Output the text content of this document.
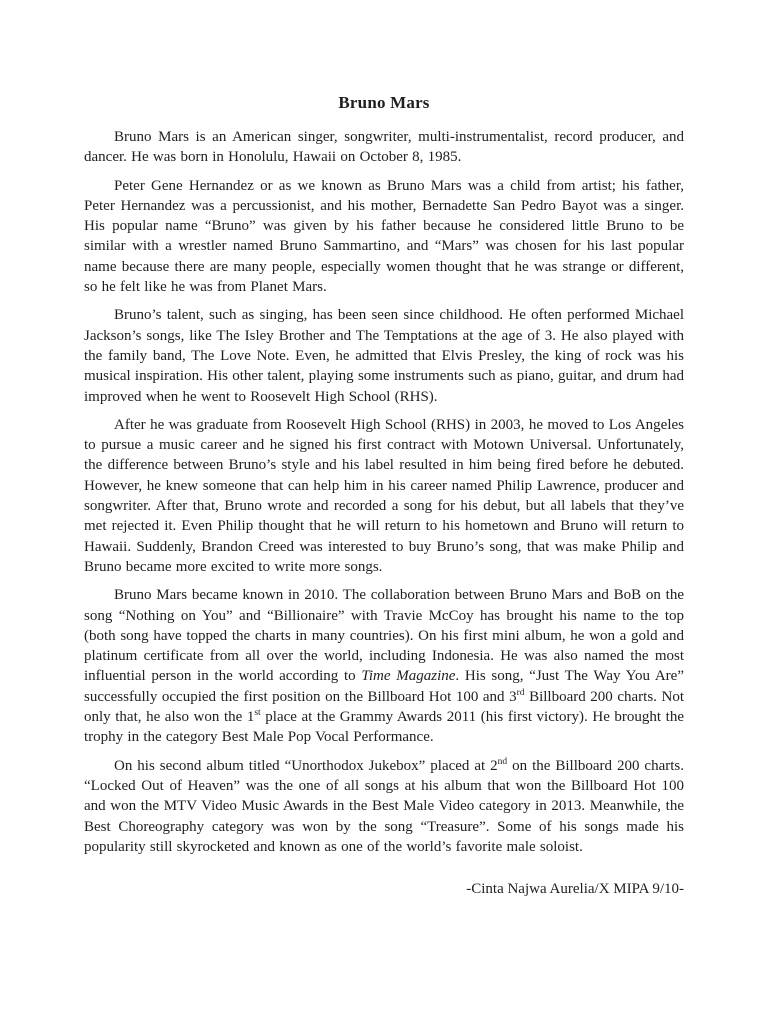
Bruno Mars

Bruno Mars is an American singer, songwriter, multi-instrumentalist, record producer, and dancer. He was born in Honolulu, Hawaii on October 8, 1985.

Peter Gene Hernandez or as we known as Bruno Mars was a child from artist; his father, Peter Hernandez was a percussionist, and his mother, Bernadette San Pedro Bayot was a singer. His popular name “Bruno” was given by his father because he considered little Bruno to be similar with a wrestler named Bruno Sammartino, and “Mars” was chosen for his last popular name because there are many people, especially women thought that he was strange or different, so he felt like he was from Planet Mars.

Bruno’s talent, such as singing, has been seen since childhood. He often performed Michael Jackson’s songs, like The Isley Brother and The Temptations at the age of 3. He also played with the family band, The Love Note. Even, he admitted that Elvis Presley, the king of rock was his musical inspiration. His other talent, playing some instruments such as piano, guitar, and drum had improved when he went to Roosevelt High School (RHS).

After he was graduate from Roosevelt High School (RHS) in 2003, he moved to Los Angeles to pursue a music career and he signed his first contract with Motown Universal. Unfortunately, the difference between Bruno’s style and his label resulted in him being fired before he debuted. However, he knew someone that can help him in his career named Philip Lawrence, producer and songwriter. After that, Bruno wrote and recorded a song for his debut, but all labels that they’ve met rejected it. Even Philip thought that he will return to his hometown and Bruno will return to Hawaii. Suddenly, Brandon Creed was interested to buy Bruno’s song, that was make Philip and Bruno became more excited to write more songs.

Bruno Mars became known in 2010. The collaboration between Bruno Mars and BoB on the song “Nothing on You” and “Billionaire” with Travie McCoy has brought his name to the top (both song have topped the charts in many countries). On his first mini album, he won a gold and platinum certificate from all over the world, including Indonesia. He was also named the most influential person in the world according to Time Magazine. His song, “Just The Way You Are” successfully occupied the first position on the Billboard Hot 100 and 3rd Billboard 200 charts. Not only that, he also won the 1st place at the Grammy Awards 2011 (his first victory). He brought the trophy in the category Best Male Pop Vocal Performance.

On his second album titled “Unorthodox Jukebox” placed at 2nd on the Billboard 200 charts. “Locked Out of Heaven” was the one of all songs at his album that won the Billboard Hot 100 and won the MTV Video Music Awards in the Best Male Video category in 2013. Meanwhile, the Best Choreography category was won by the song “Treasure”. Some of his songs made his popularity still skyrocketed and known as one of the world’s favorite male soloist.

-Cinta Najwa Aurelia/X MIPA 9/10-
